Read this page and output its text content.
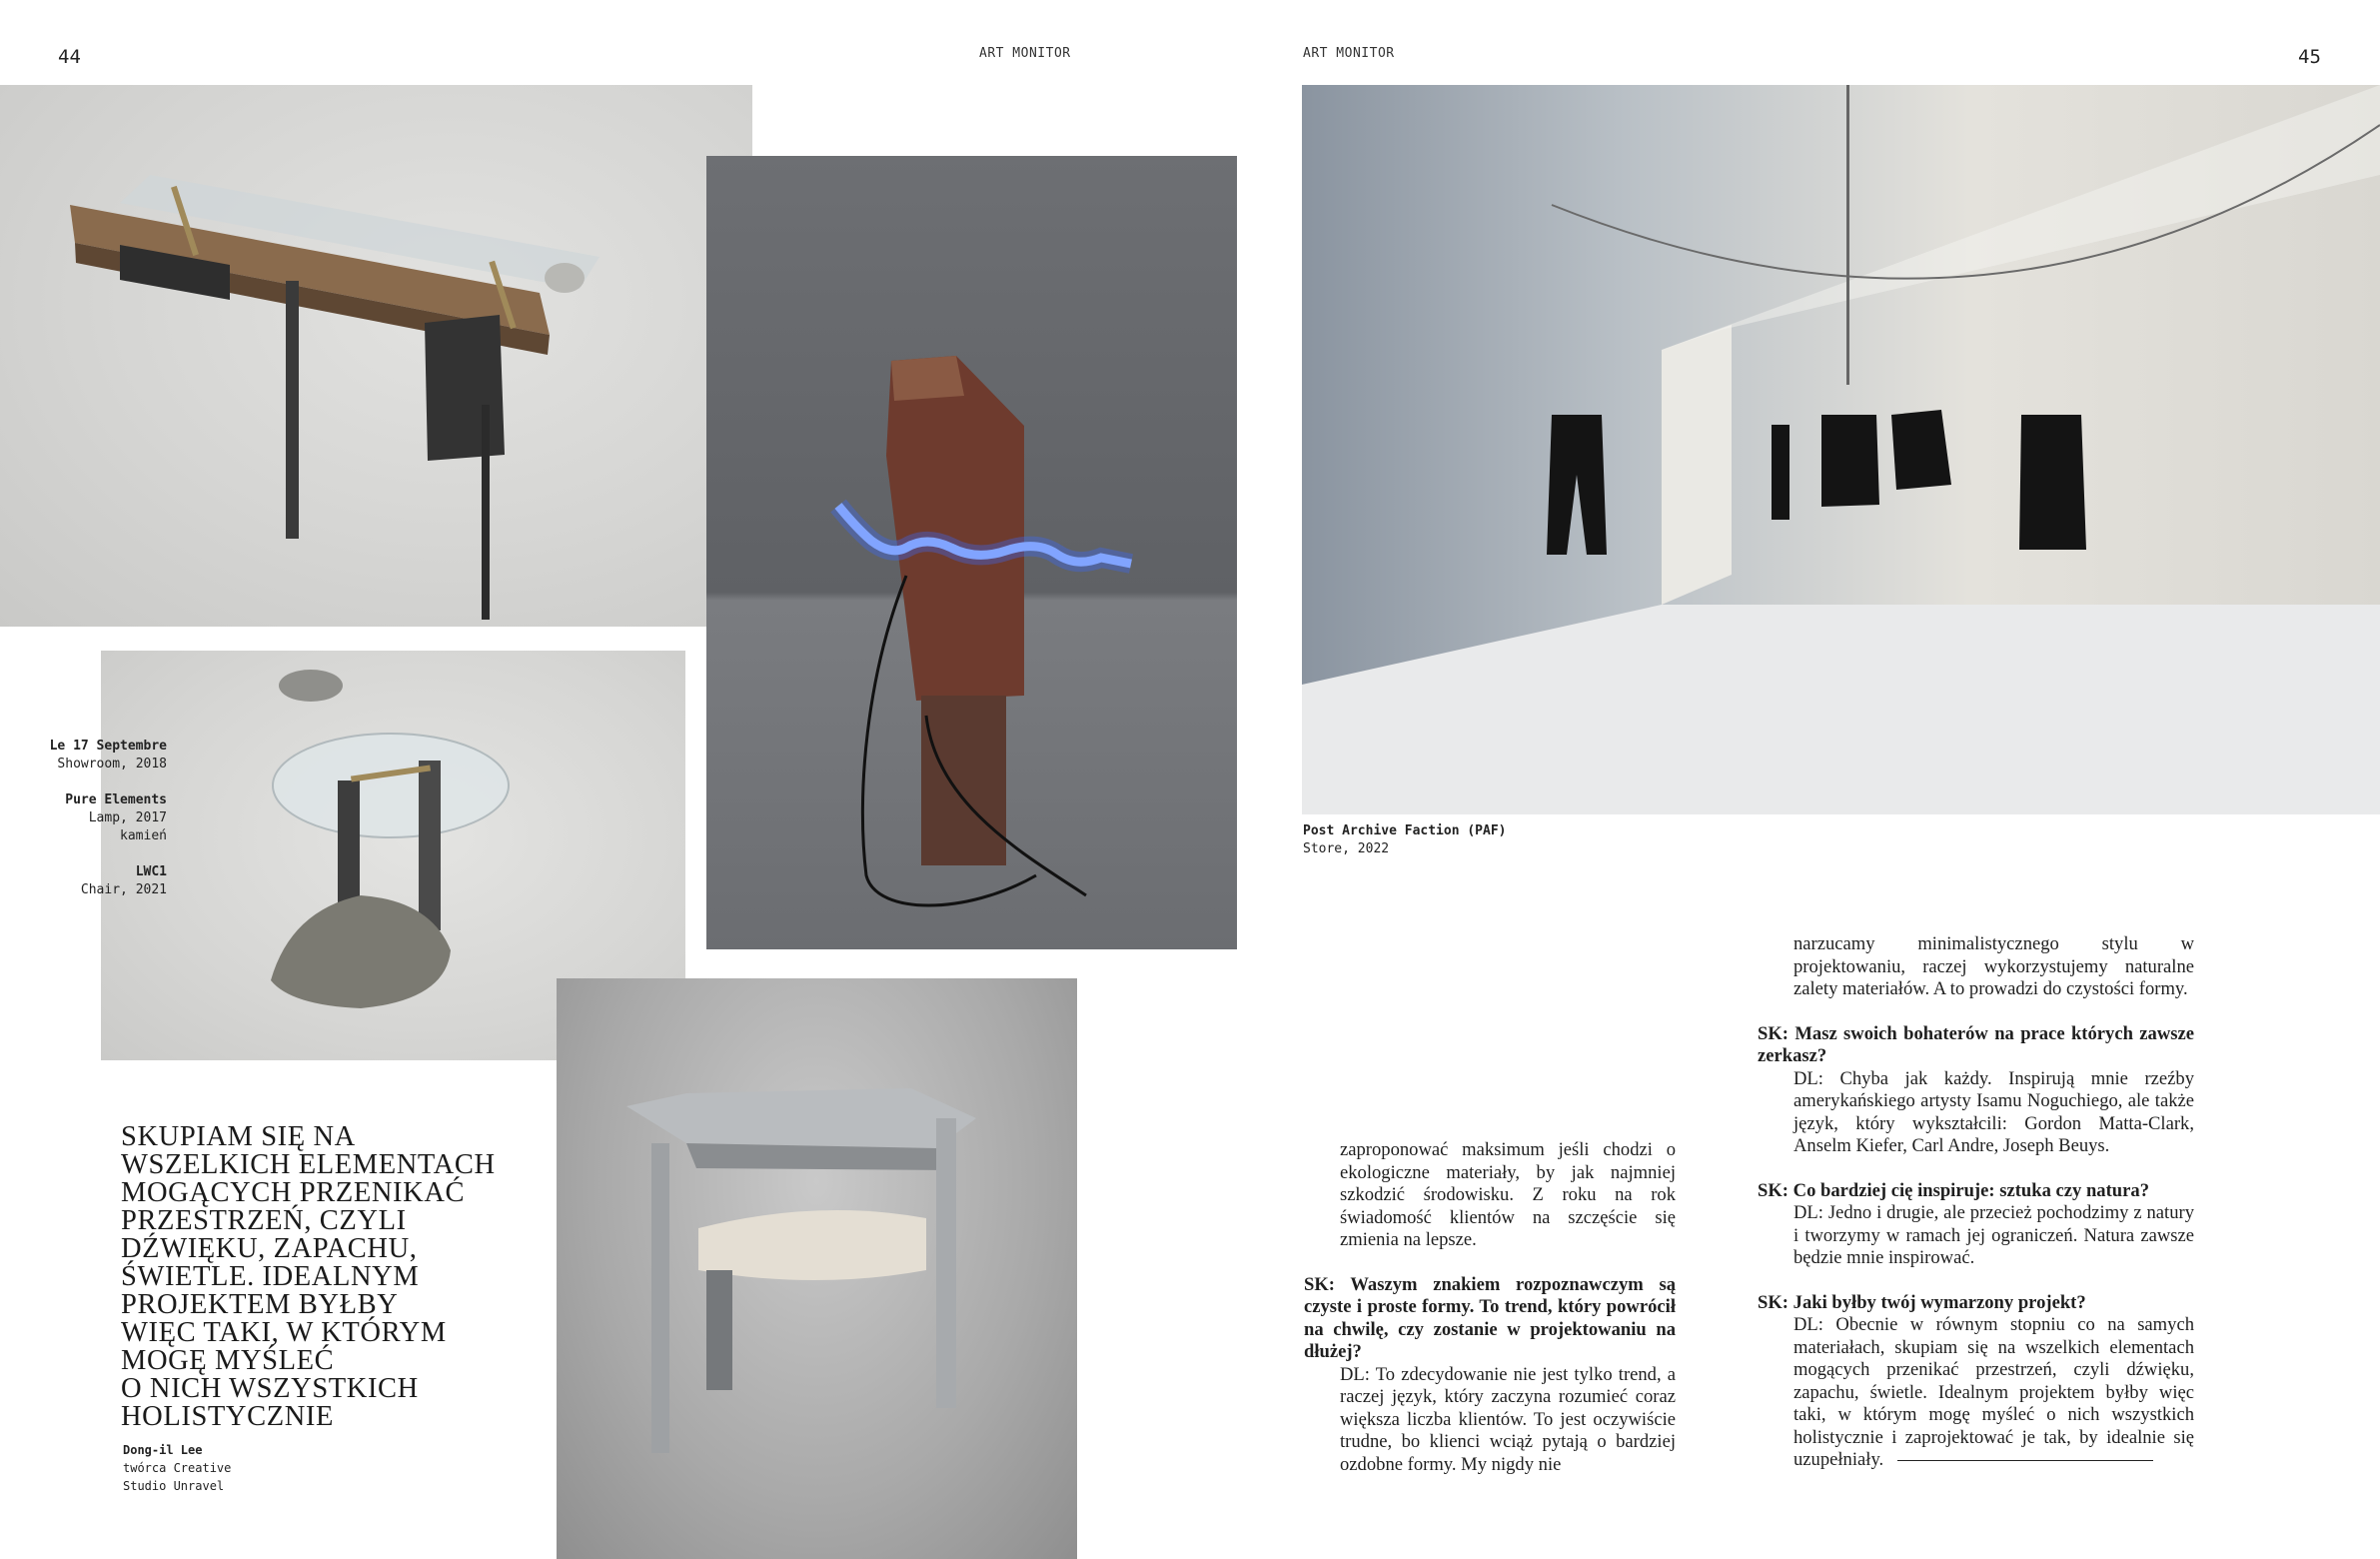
44	ART MONITOR	ART MONITOR	45
Le 17 Septembre
Showroom, 2018
Pure Elements
Lamp, 2017
kamień
LWC1
Chair, 2021
Post Archive Faction (PAF)
Store, 2022
SKUPIAM SIĘ NA
WSZELKICH ELEMENTACH
MOGĄCYCH PRZENIKAĆ
PRZESTRZEŃ, CZYLI
DŹWIĘKU, ZAPACHU,
ŚWIETLE. IDEALNYM
PROJEKTEM BYŁBY
WIĘC TAKI, W KTÓRYM
MOGĘ MYŚLEĆ
O NICH WSZYSTKICH
HOLISTYCZNIE
Dong-il Lee
twórca Creative
Studio Unravel

zaproponować maksimum jeśli chodzi o ekologiczne materiały, by jak najmniej szkodzić środowisku. Z roku na rok świadomość klientów na szczęście się zmienia na lepsze.

SK: Waszym znakiem rozpoznawczym są czyste i proste formy. To trend, który powrócił na chwilę, czy zostanie w projektowaniu na dłużej?

DL: To zdecydowanie nie jest tylko trend, a raczej język, który zaczyna rozumieć coraz większa liczba klientów. To jest oczywiście trudne, bo klienci wciąż pytają o bardziej ozdobne formy. My nigdy nie

narzucamy minimalistycznego stylu w projektowaniu, raczej wykorzystujemy naturalne zalety materiałów. A to prowadzi do czystości formy.

SK: Masz swoich bohaterów na prace których zawsze zerkasz?

DL: Chyba jak każdy. Inspirują mnie rzeźby amerykańskiego artysty Isamu Noguchiego, ale także język, który wykształcili: Gordon Matta-Clark, Anselm Kiefer, Carl Andre, Joseph Beuys.

SK: Co bardziej cię inspiruje: sztuka czy natura?

DL: Jedno i drugie, ale przecież pochodzimy z natury i tworzymy w ramach jej ograniczeń. Natura zawsze będzie mnie inspirować.

SK: Jaki byłby twój wymarzony projekt?

DL: Obecnie w równym stopniu co na samych materiałach, skupiam się na wszelkich elementach mogących przenikać przestrzeń, czyli dźwięku, zapachu, świetle. Idealnym projektem byłby więc taki, w którym mogę myśleć o nich wszystkich holistycznie i zaprojektować je tak, by idealnie się uzupełniały.
